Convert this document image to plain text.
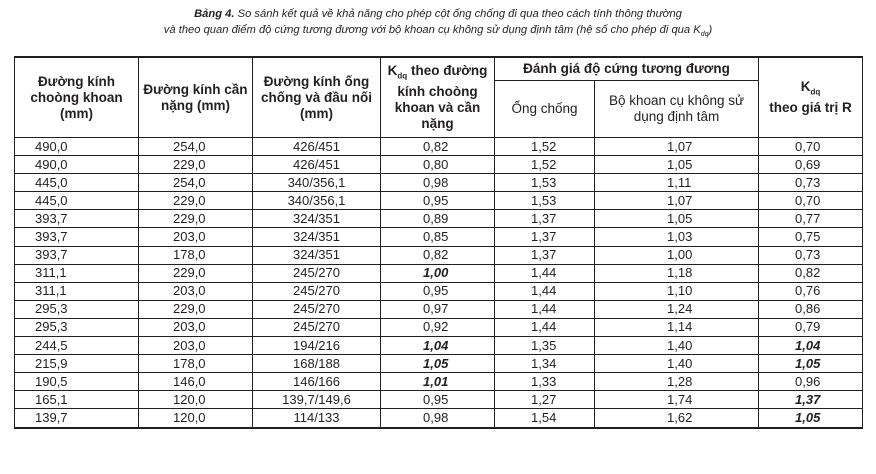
Bảng 4. So sánh kết quả về khả năng cho phép cột ống chống đi qua theo cách tính thông thường
và theo quan điểm độ cứng tương đương với bộ khoan cụ không sử dụng định tâm (hệ số cho phép đi qua $K_{dq}$)
Đường kính choòng khoan (mm)	Đường kính cần nặng (mm)	Đường kính ống chống và đầu nối (mm)	$K_{dq}$ theo đường kính choòng khoan và cần nặng	Đánh giá độ cứng tương đương		$K_{dq}$
theo giá trị R
				Ống chống	Bộ khoan cụ không sử dụng định tâm	
490,0	254,0	426/451	0,82	1,52	1,07	0,70
490,0	229,0	426/451	0,80	1,52	1,05	0,69
445,0	254,0	340/356,1	0,98	1,53	1,11	0,73
445,0	229,0	340/356,1	0,95	1,53	1,07	0,70
393,7	229,0	324/351	0,89	1,37	1,05	0,77
393,7	203,0	324/351	0,85	1,37	1,03	0,75
393,7	178,0	324/351	0,82	1,37	1,00	0,73
311,1	229,0	245/270	1,00	1,44	1,18	0,82
311,1	203,0	245/270	0,95	1,44	1,10	0,76
295,3	229,0	245/270	0,97	1,44	1,24	0,86
295,3	203,0	245/270	0,92	1,44	1,14	0,79
244,5	203,0	194/216	1,04	1,35	1,40	1,04
215,9	178,0	168/188	1,05	1,34	1,40	1,05
190,5	146,0	146/166	1,01	1,33	1,28	0,96
165,1	120,0	139,7/149,6	0,95	1,27	1,74	1,37
139,7	120,0	114/133	0,98	1,54	1,62	1,05
